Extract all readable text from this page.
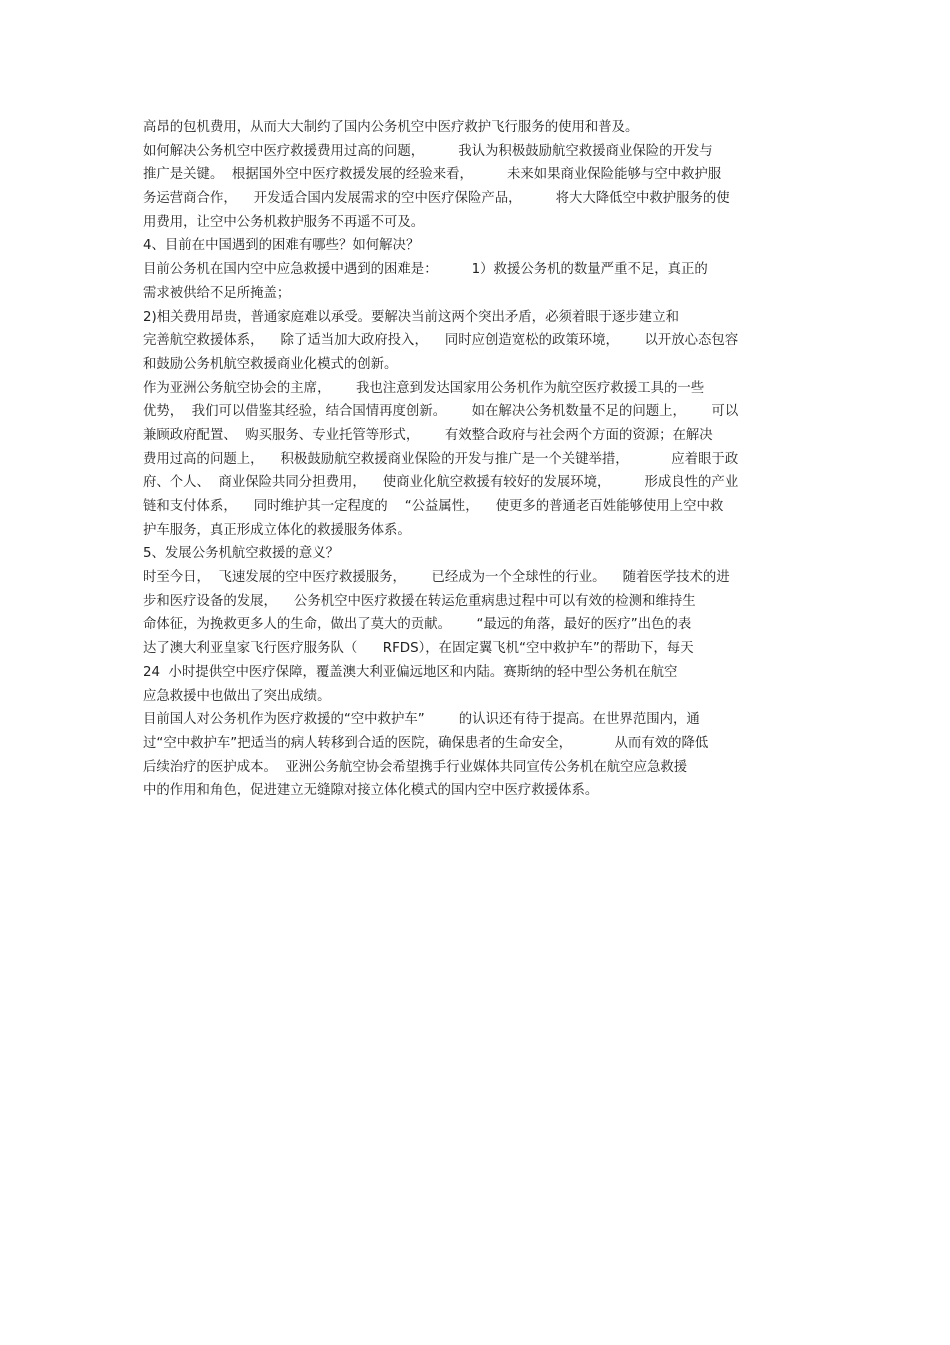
高昂的包机费用，从而大大制约了国内公务机空中医疗救护飞行服务的使用和普及。
如何解决公务机空中医疗救援费用过高的问题，        我认为积极鼓励航空救援商业保险的开发与
推广是关键。  根据国外空中医疗救援发展的经验来看，        未来如果商业保险能够与空中救护服
务运营商合作，    开发适合国内发展需求的空中医疗保险产品，        将大大降低空中救护服务的使
用费用，让空中公务机救护服务不再遥不可及。
4、目前在中国遇到的困难有哪些？如何解决？
目前公务机在国内空中应急救援中遇到的困难是：        1）救援公务机的数量严重不足，真正的
需求被供给不足所掩盖；
2)相关费用昂贵，普通家庭难以承受。要解决当前这两个突出矛盾，必须着眼于逐步建立和
完善航空救援体系，    除了适当加大政府投入，    同时应创造宽松的政策环境，      以开放心态包容
和鼓励公务机航空救援商业化模式的创新。
作为亚洲公务航空协会的主席，      我也注意到发达国家用公务机作为航空医疗救援工具的一些
优势，  我们可以借鉴其经验，结合国情再度创新。      如在解决公务机数量不足的问题上，      可以
兼顾政府配置、  购买服务、专业托管等形式，      有效整合政府与社会两个方面的资源；在解决
费用过高的问题上，    积极鼓励航空救援商业保险的开发与推广是一个关键举措，          应着眼于政
府、个人、  商业保险共同分担费用，    使商业化航空救援有较好的发展环境，        形成良性的产业
链和支付体系，    同时维护其一定程度的    “公益属性，    使更多的普通老百姓能够使用上空中救
护车服务，真正形成立体化的救援服务体系。
5、发展公务机航空救援的意义？
时至今日，  飞速发展的空中医疗救援服务，      已经成为一个全球性的行业。    随着医学技术的进
步和医疗设备的发展，    公务机空中医疗救援在转运危重病患过程中可以有效的检测和维持生
命体征，为挽救更多人的生命，做出了莫大的贡献。      “最远的角落，最好的医疗”出色的表
达了澳大利亚皇家飞行医疗服务队（      RFDS），在固定翼飞机“空中救护车”的帮助下，每天
24  小时提供空中医疗保障，覆盖澳大利亚偏远地区和内陆。赛斯纳的轻中型公务机在航空
应急救援中也做出了突出成绩。
目前国人对公务机作为医疗救援的“空中救护车”        的认识还有待于提高。在世界范围内，通
过“空中救护车”把适当的病人转移到合适的医院，确保患者的生命安全，          从而有效的降低
后续治疗的医护成本。  亚洲公务航空协会希望携手行业媒体共同宣传公务机在航空应急救援
中的作用和角色，促进建立无缝隙对接立体化模式的国内空中医疗救援体系。
